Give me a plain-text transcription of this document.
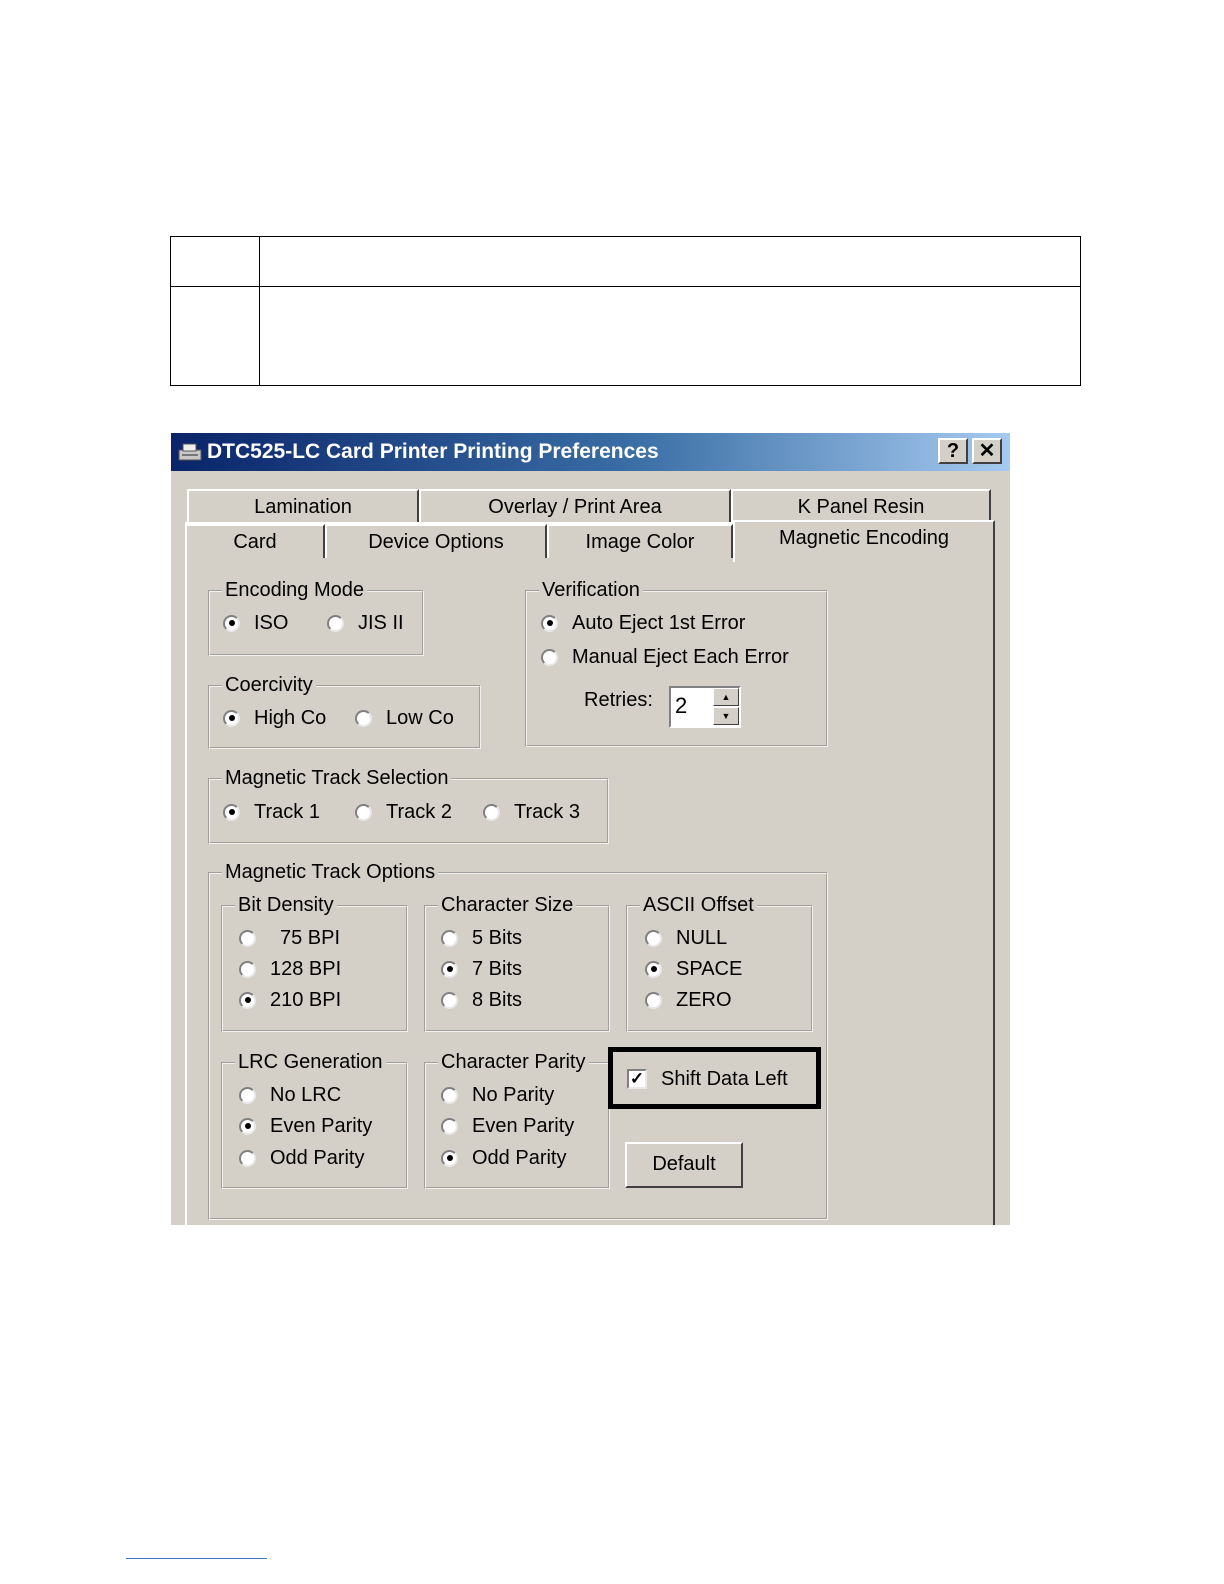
DTC525-LC Card Printer Printing Preferences	? ✕
Lamination	Overlay / Print Area	K Panel Resin
Card	Device Options	Image Color	Magnetic Encoding
Encoding Mode
ISO	JIS II
Coercivity
High Co	Low Co
Verification
Auto Eject 1st Error
Manual Eject Each Error
Retries: 2	▲
▼
Magnetic Track Selection
Track 1	Track 2	Track 3
Magnetic Track Options
Bit Density
75 BPI
128 BPI
210 BPI
Character Size
5 Bits
7 Bits
8 Bits
ASCII Offset
NULL
SPACE
ZERO
LRC Generation
No LRC
Even Parity
Odd Parity
Character Parity
No Parity
Even Parity
Odd Parity
✓ Shift Data Left
Default
